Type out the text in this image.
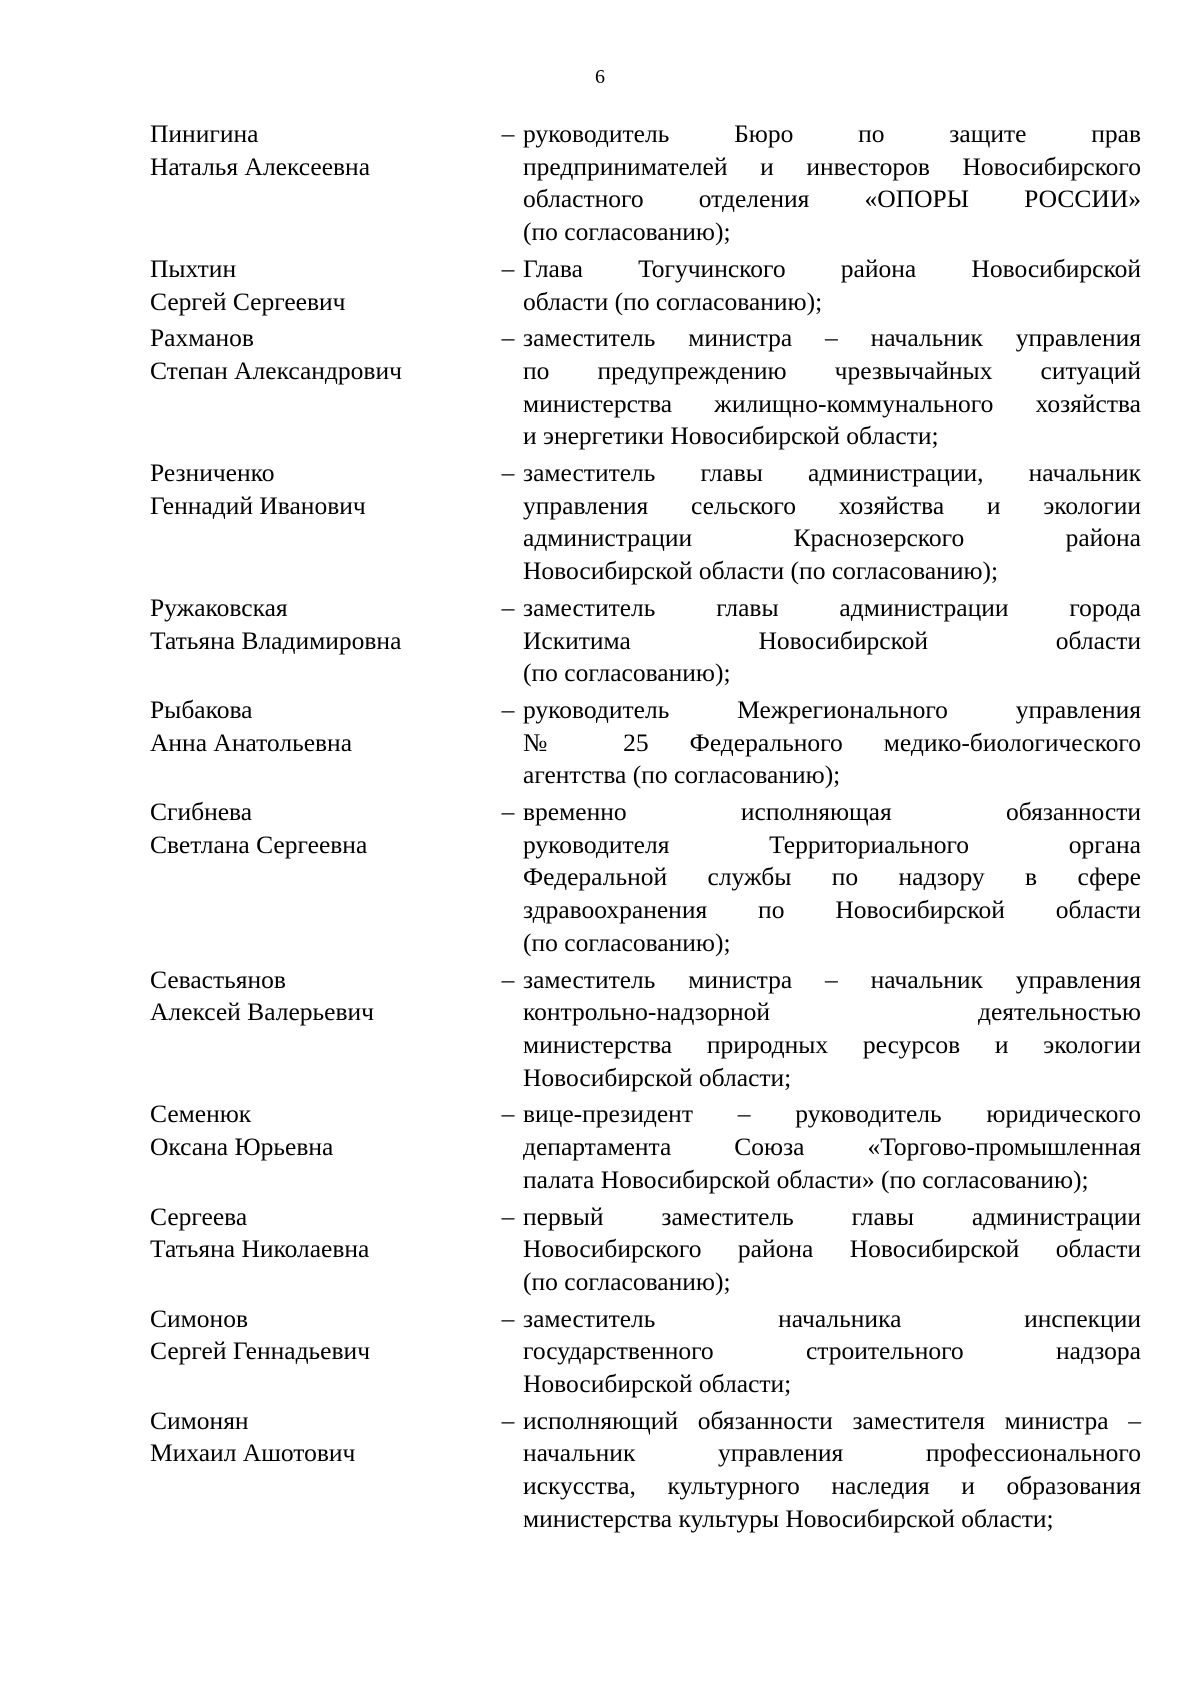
6
Пинигина
Наталья Алексеевна
– руководитель Бюро по защите прав
предпринимателей и инвесторов Новосибирского
областного отделения «ОПОРЫ РОССИИ»
(по согласованию);
Пыхтин
Сергей Сергеевич
– Глава Тогучинского района Новосибирской
области (по согласованию);
Рахманов
Степан Александрович
– заместитель министра – начальник управления
по предупреждению чрезвычайных ситуаций
министерства жилищно-коммунального хозяйства
и энергетики Новосибирской области;
Резниченко
Геннадий Иванович
– заместитель главы администрации, начальник
управления сельского хозяйства и экологии
администрации Краснозерского района
Новосибирской области (по согласованию);
Ружаковская
Татьяна Владимировна
– заместитель главы администрации города
Искитима Новосибирской области
(по согласованию);
Рыбакова
Анна Анатольевна
– руководитель Межрегионального управления
№ 25 Федерального медико-биологического
агентства (по согласованию);
Сгибнева
Светлана Сергеевна
– временно исполняющая обязанности
руководителя Территориального органа
Федеральной службы по надзору в сфере
здравоохранения по Новосибирской области
(по согласованию);
Севастьянов
Алексей Валерьевич
– заместитель министра – начальник управления
контрольно-надзорной деятельностью
министерства природных ресурсов и экологии
Новосибирской области;
Семенюк
Оксана Юрьевна
– вице-президент – руководитель юридического
департамента Союза «Торгово-промышленная
палата Новосибирской области» (по согласованию);
Сергеева
Татьяна Николаевна
– первый заместитель главы администрации
Новосибирского района Новосибирской области
(по согласованию);
Симонов
Сергей Геннадьевич
– заместитель начальника инспекции
государственного строительного надзора
Новосибирской области;
Симонян
Михаил Ашотович
– исполняющий обязанности заместителя министра –
начальник управления профессионального
искусства, культурного наследия и образования
министерства культуры Новосибирской области;
